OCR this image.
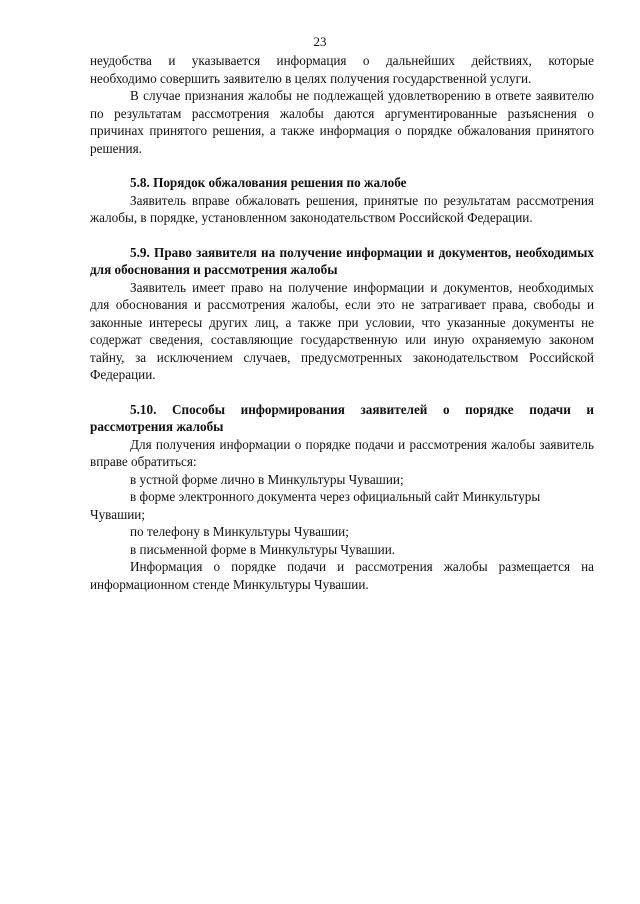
23

неудобства и указывается информация о дальнейших действиях, которые

необходимо совершить заявителю в целях получения государственной услуги.

В случае признания жалобы не подлежащей удовлетворению в ответе заявителю по результатам рассмотрения жалобы даются аргументированные разъяснения о причинах принятого решения, а также информация о порядке обжалования принятого решения.

5.8. Порядок обжалования решения по жалобе

Заявитель вправе обжаловать решения, принятые по результатам рассмотрения жалобы, в порядке, установленном законодательством Российской Федерации.

5.9. Право заявителя на получение информации и документов, необходимых для обоснования и рассмотрения жалобы

Заявитель имеет право на получение информации и документов, необходимых для обоснования и рассмотрения жалобы, если это не затрагивает права, свободы и законные интересы других лиц, а также при условии, что указанные документы не содержат сведения, составляющие государственную или иную охраняемую законом тайну, за исключением случаев, предусмотренных законодательством Российской Федерации.

5.10. Способы информирования заявителей о порядке подачи и рассмотрения жалобы

Для получения информации о порядке подачи и рассмотрения жалобы заявитель вправе обратиться:

в устной форме лично в Минкультуры Чувашии;

в форме электронного документа через официальный сайт Минкультуры Чувашии;

по телефону в Минкультуры Чувашии;

в письменной форме в Минкультуры Чувашии.

Информация о порядке подачи и рассмотрения жалобы размещается на информационном стенде Минкультуры Чувашии.
